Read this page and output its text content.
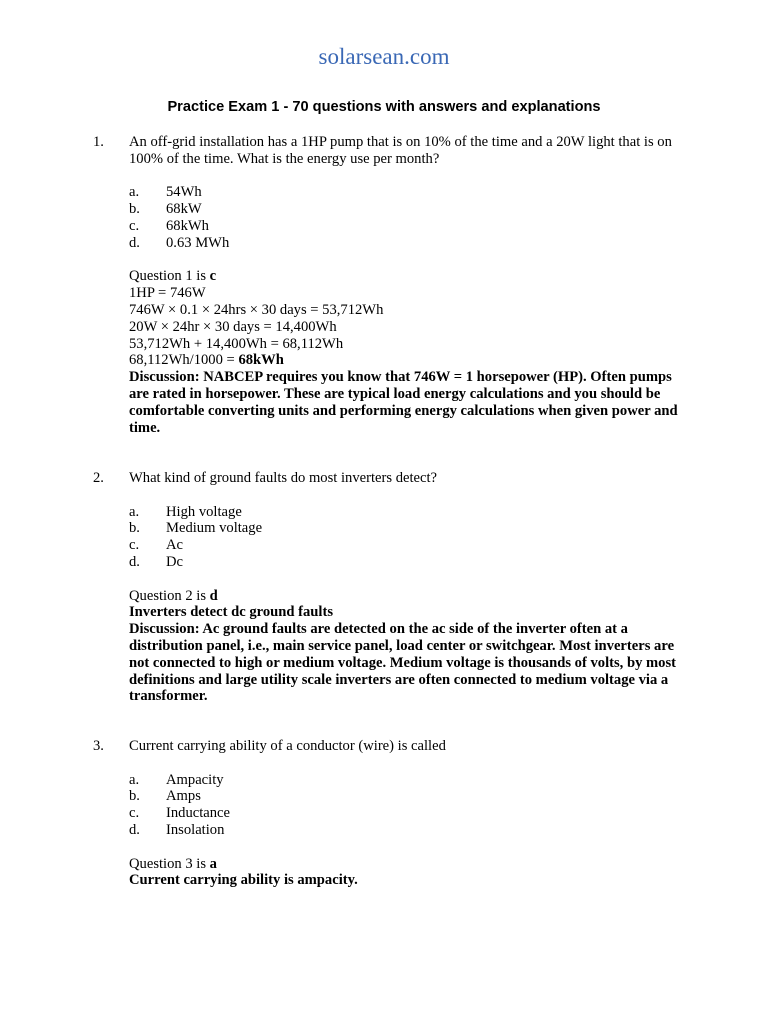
solarsean.com
Practice Exam 1 - 70 questions with answers and explanations
1. An off-grid installation has a 1HP pump that is on 10% of the time and a 20W light that is on 100% of the time. What is the energy use per month?
a.	54Wh
b.	68kW
c.	68kWh
d.	0.63 MWh
Question 1 is c
1HP = 746W
746W × 0.1 × 24hrs × 30 days = 53,712Wh
20W × 24hr × 30 days = 14,400Wh
53,712Wh + 14,400Wh = 68,112Wh
68,112Wh/1000 = 68kWh
Discussion: NABCEP requires you know that 746W = 1 horsepower (HP). Often pumps are rated in horsepower. These are typical load energy calculations and you should be comfortable converting units and performing energy calculations when given power and time.
2. What kind of ground faults do most inverters detect?
a.	High voltage
b.	Medium voltage
c.	Ac
d.	Dc
Question 2 is d
Inverters detect dc ground faults
Discussion: Ac ground faults are detected on the ac side of the inverter often at a distribution panel, i.e., main service panel, load center or switchgear. Most inverters are not connected to high or medium voltage. Medium voltage is thousands of volts, by most definitions and large utility scale inverters are often connected to medium voltage via a transformer.
3. Current carrying ability of a conductor (wire) is called
a.	Ampacity
b.	Amps
c.	Inductance
d.	Insolation
Question 3 is a
Current carrying ability is ampacity.
